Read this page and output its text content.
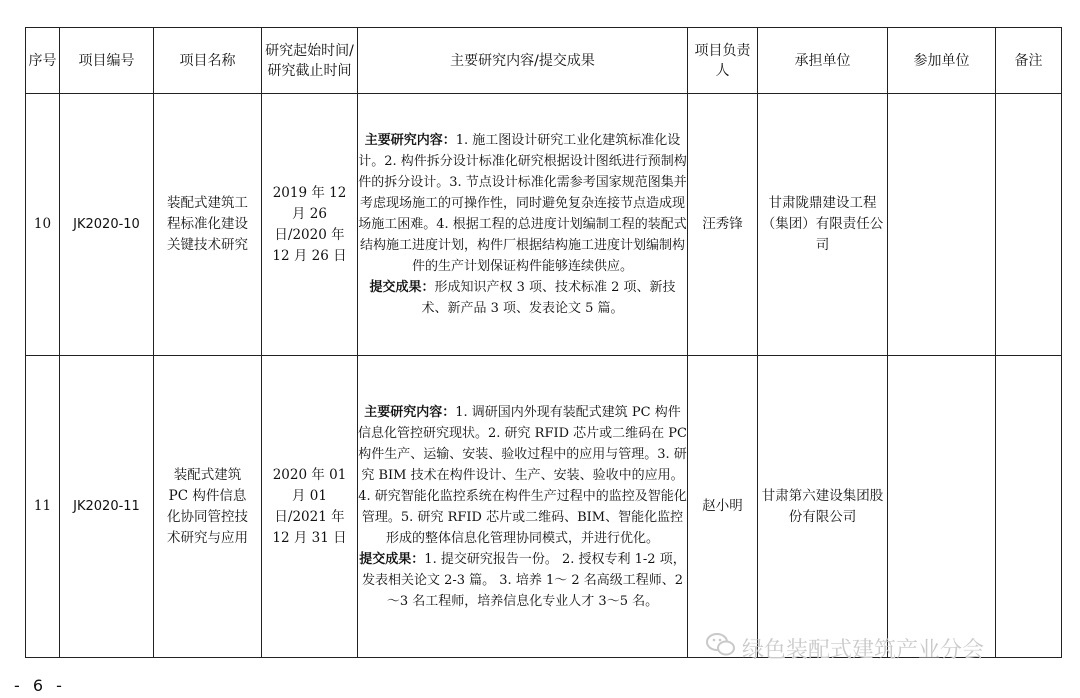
序号	项目编号	项目名称	研究起始时间/研究截止时间	主要研究内容/提交成果	项目负责人	承担单位	参加单位	备注
10	JK2020-10	装配式建筑工程标准化建设关键技术研究	2019 年 12 月 26 日/2020 年 12 月 26 日	主要研究内容：1. 施工图设计研究工业化建筑标准化设计。2. 构件拆分设计标准化研究根据设计图纸进行预制构件的拆分设计。3. 节点设计标准化需参考国家规范图集并考虑现场施工的可操作性，同时避免复杂连接节点造成现场施工困难。4. 根据工程的总进度计划编制工程的装配式结构施工进度计划，构件厂根据结构施工进度计划编制构件的生产计划保证构件能够连续供应。
提交成果：形成知识产权 3 项、技术标准 2 项、新技术、新产品 3 项、发表论文 5 篇。	汪秀锋	甘肃陇鼎建设工程（集团）有限责任公司		
11	JK2020-11	装配式建筑PC 构件信息化协同管控技术研究与应用	2020 年 01 月 01 日/2021 年 12 月 31 日	主要研究内容：1. 调研国内外现有装配式建筑 PC 构件信息化管控研究现状。2. 研究 RFID 芯片或二维码在 PC 构件生产、运输、安装、验收过程中的应用与管理。3. 研究 BIM 技术在构件设计、生产、安装、验收中的应用。4. 研究智能化监控系统在构件生产过程中的监控及智能化管理。5. 研究 RFID 芯片或二维码、BIM、智能化监控形成的整体信息化管理协同模式，并进行优化。
提交成果：1. 提交研究报告一份。 2. 授权专利 1-2 项，发表相关论文 2-3 篇。 3. 培养 1～ 2 名高级工程师、2～3 名工程师，培养信息化专业人才 3～5 名。	赵小明	甘肃第六建设集团股份有限公司		
绿色装配式建筑产业分会
- 6 -
